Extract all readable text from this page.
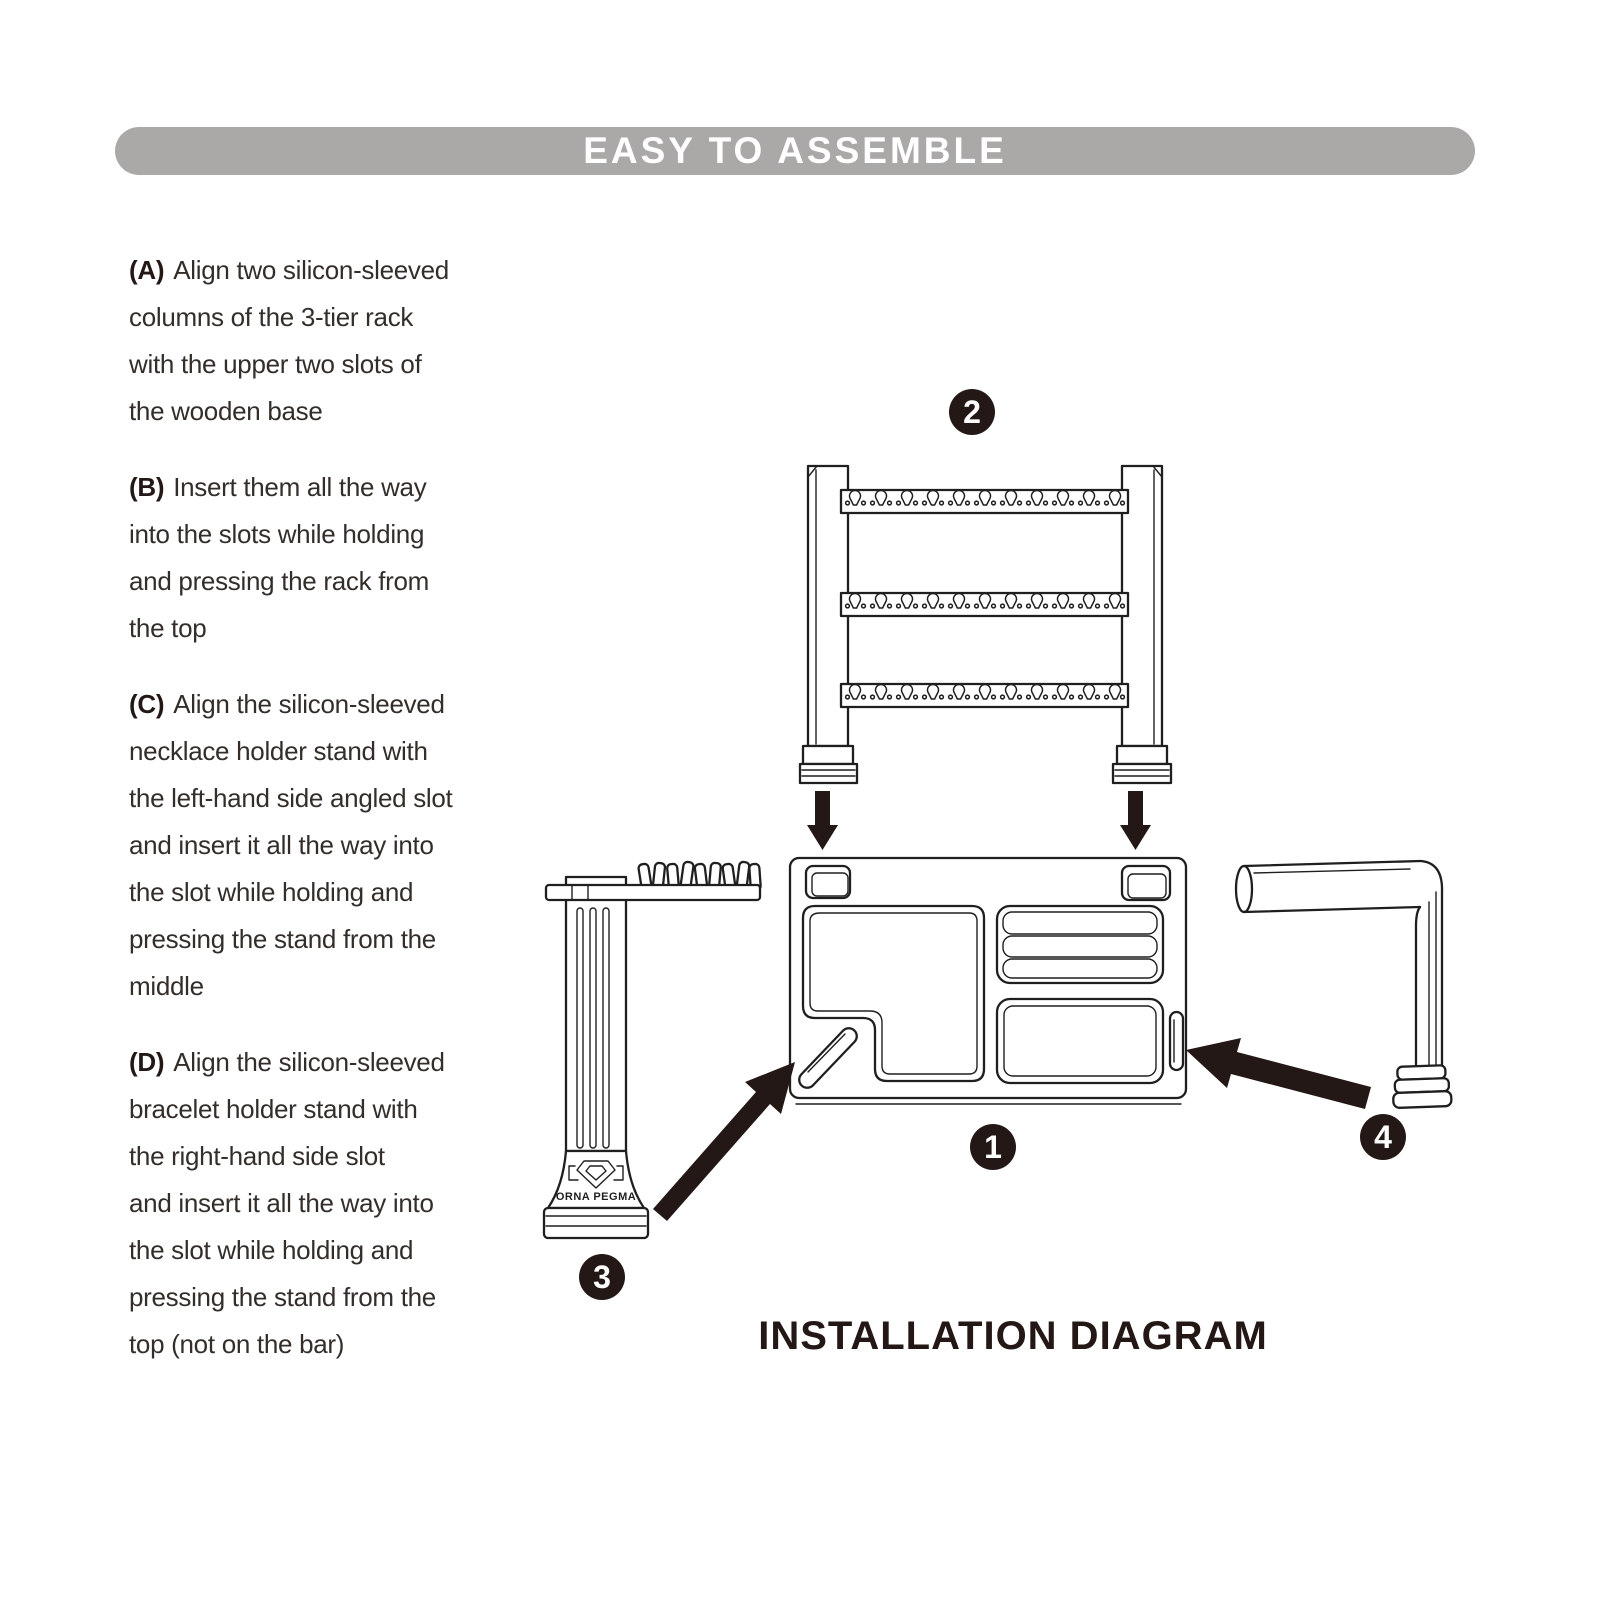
EASY TO ASSEMBLE

(A) Align two silicon-sleeved
columns of the 3-tier rack
with the upper two slots of
the wooden base

(B) Insert them all the way
into the slots while holding
and pressing the rack from
the top

(C) Align the silicon-sleeved
necklace holder stand with
the left-hand side angled slot
and insert it all the way into
the slot while holding and
pressing the stand from the
middle

(D) Align the silicon-sleeved
bracelet holder stand with
the right-hand side slot
and insert it all the way into
the slot while holding and
pressing the stand from the
top (not on the bar)

ORNA PEGMA
2
1
3
4
INSTALLATION DIAGRAM
